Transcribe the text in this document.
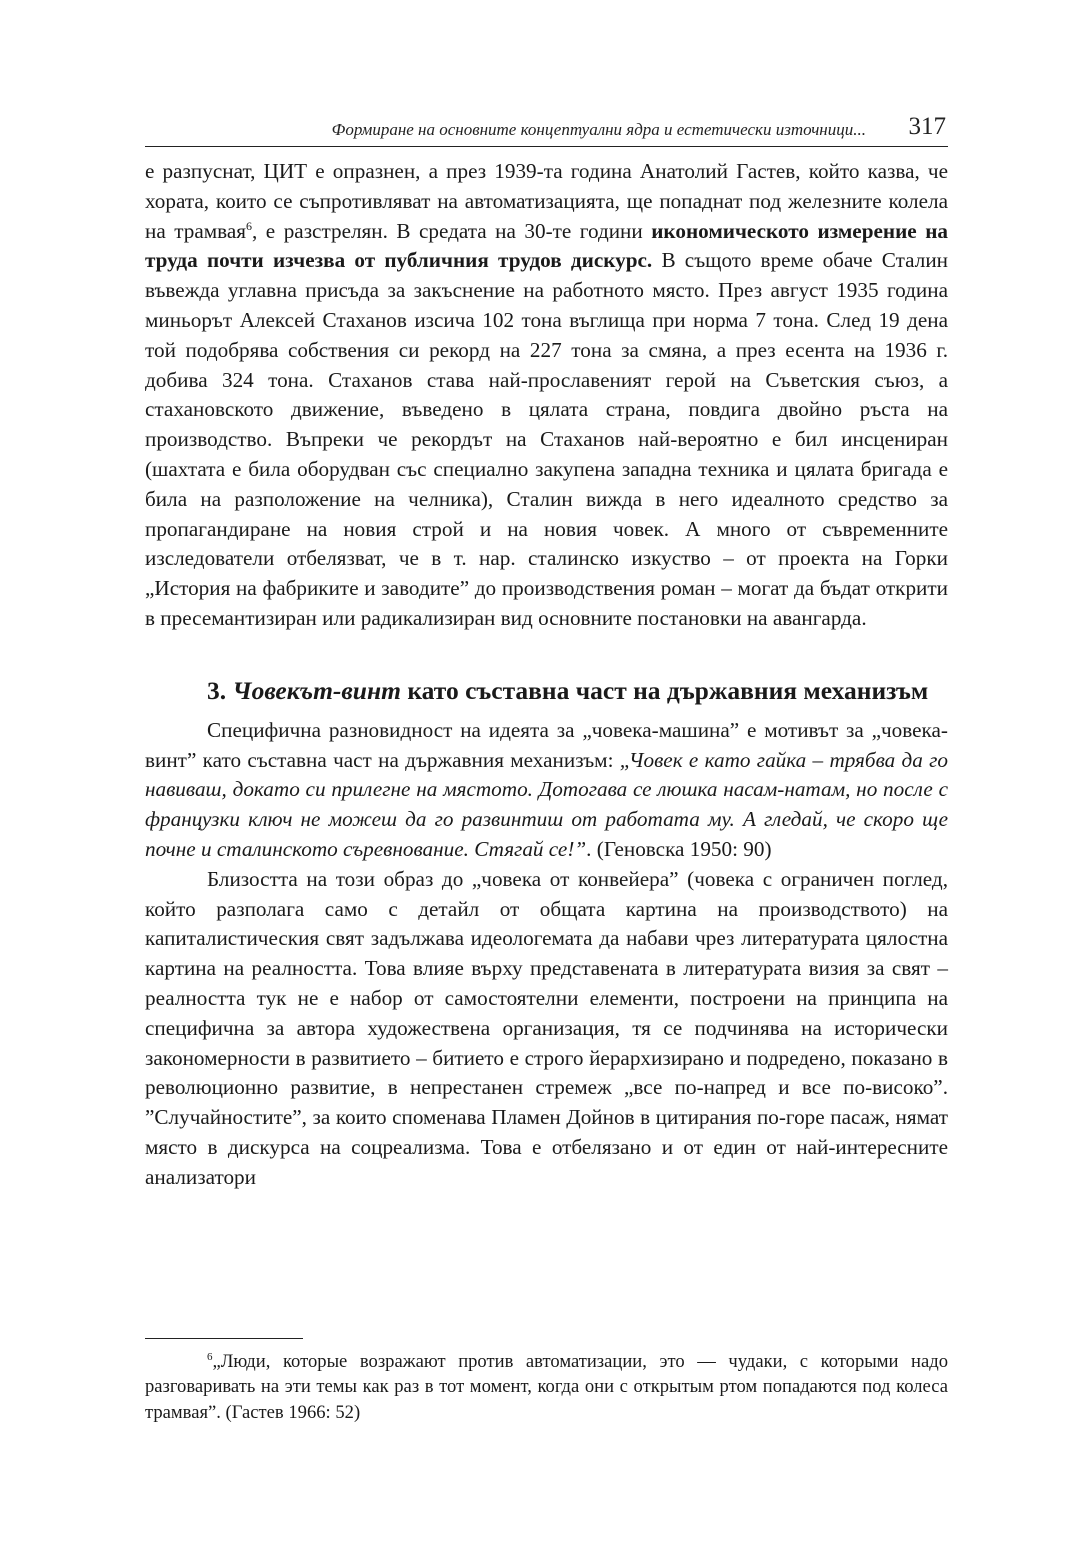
Формиране на основните концептуални ядра и естетически източници... 317

е разпуснат, ЦИТ е опразнен, а през 1939-та година Анатолий Гастев, който казва, че хората, които се съпротивляват на автоматизацията, ще попаднат под железните колела на трамвая$^6$, е разстрелян. В средата на 30-те години икономическото измерение на труда почти изчезва от публичния трудов дискурс. В същото време обаче Сталин въвежда углавна присъда за закъснение на работното място. През август 1935 година миньорът Алексей Стаханов изсича 102 тона въглища при норма 7 тона. След 19 дена той подобрява собствения си рекорд на 227 тона за смяна, а през есента на 1936 г. добива 324 тона. Стаханов става най-прославеният герой на Съветския съюз, а стахановското движение, въведено в цялата страна, повдига двойно ръста на производство. Въпреки че рекордът на Стаханов най-вероятно е бил инсцениран (шахтата е била оборудван със специално закупена западна техника и цялата бригада е била на разположение на челника), Сталин вижда в него идеалното средство за пропагандиране на новия строй и на новия човек. А много от съвременните изследователи отбелязват, че в т. нар. сталинско изкуство – от проекта на Горки „История на фабриките и заводите” до производствения роман – могат да бъдат открити в пресемантизиран или радикализиран вид основните постановки на авангарда.

3. Човекът-винт като съставна част на държавния механизъм

Специфична разновидност на идеята за „човека-машина” е мотивът за „човека-винт” като съставна част на държавния механизъм: „Човек е като гайка – трябва да го навиваш, докато си прилегне на мястото. Дотогава се люшка насам-натам, но после с французки ключ не можеш да го развинтиш от работата му. А гледай, че скоро ще почне и сталинското съревнование. Стягай се!”. (Геновска 1950: 90)

Близостта на този образ до „човека от конвейера” (човека с ограничен поглед, който разполага само с детайл от общата картина на производството) на капиталистическия свят задължава идеологемата да набави чрез литературата цялостна картина на реалността. Това влияе върху представената в литературата визия за свят – реалността тук не е набор от самостоятелни елементи, построени на принципа на специфична за автора художествена организация, тя се подчинява на исторически закономерности в развитието – битието е строго йерархизирано и подредено, показано в революционно развитие, в непрестанен стремеж „все по-напред и все по-високо”. ”Случайностите”, за които споменава Пламен Дойнов в цитирания по-горе пасаж, нямат място в дискурса на соцреализма. Това е отбелязано и от един от най-интересните анализатори

$^6$„Люди, которые возражают против автоматизации, это — чудаки, с которыми надо разговаривать на эти темы как раз в тот момент, когда они с открытым ртом попадаются под колеса трамвая”. (Гастев 1966: 52)
